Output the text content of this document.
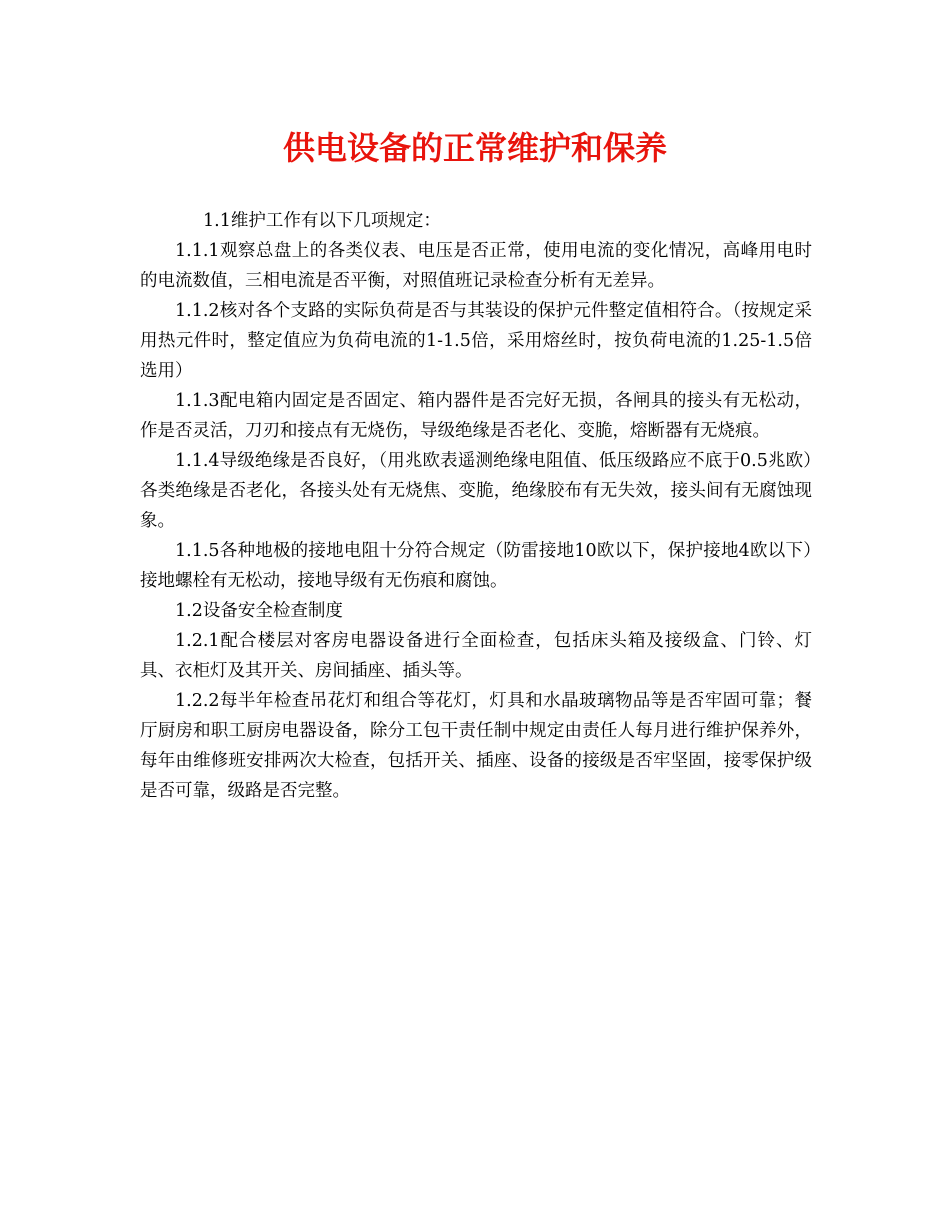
供电设备的正常维护和保养

1.1维护工作有以下几项规定：

1.1.1观察总盘上的各类仪表、电压是否正常，使用电流的变化情况，高峰用电时的电流数值，三相电流是否平衡，对照值班记录检查分析有无差异。

1.1.2核对各个支路的实际负荷是否与其装设的保护元件整定值相符合。（按规定采用热元件时，整定值应为负荷电流的1-1.5倍，采用熔丝时，按负荷电流的1.25-1.5倍选用）

1.1.3配电箱内固定是否固定、箱内器件是否完好无损，各闸具的接头有无松动， 作是否灵活，刀刃和接点有无烧伤，导级绝缘是否老化、变脆，熔断器有无烧痕。

1.1.4导级绝缘是否良好，（用兆欧表遥测绝缘电阻值、低压级路应不底于0.5兆欧）各类绝缘是否老化，各接头处有无烧焦、变脆，绝缘胶布有无失效，接头间有无腐蚀现象。

1.1.5各种地极的接地电阻十分符合规定（防雷接地10欧以下，保护接地4欧以下）接地螺栓有无松动，接地导级有无伤痕和腐蚀。

1.2设备安全检查制度

1.2.1配合楼层对客房电器设备进行全面检查，包括床头箱及接级盒、门铃、灯具、衣柜灯及其开关、房间插座、插头等。

1.2.2每半年检查吊花灯和组合等花灯，灯具和水晶玻璃物品等是否牢固可靠；餐厅厨房和职工厨房电器设备，除分工包干责任制中规定由责任人每月进行维护保养外，每年由维修班安排两次大检查，包括开关、插座、设备的接级是否牢坚固，接零保护级是否可靠，级路是否完整。
